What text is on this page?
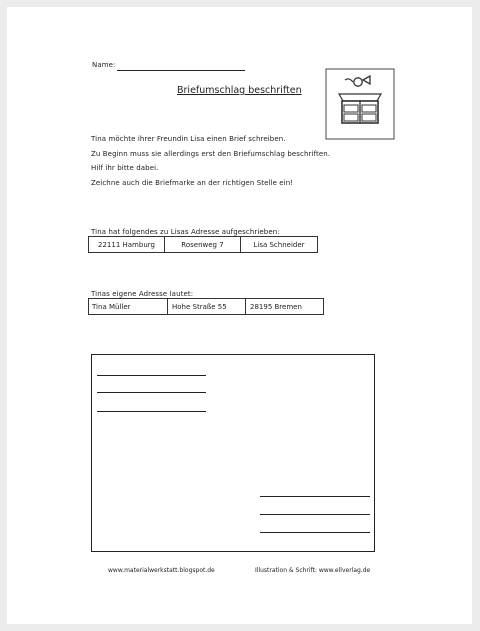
Name:
Briefumschlag beschriften
Tina möchte ihrer Freundin Lisa einen Brief schreiben.
Zu Beginn muss sie allerdings erst den Briefumschlag beschriften.
Hilf ihr bitte dabei.
Zeichne auch die Briefmarke an der richtigen Stelle ein!
Tina hat folgendes zu Lisas Adresse aufgeschrieben:
22111 Hamburg	Rosenweg 7	Lisa Schneider
Tinas eigene Adresse lautet:
Tina Müller	Hohe Straße 55	28195 Bremen
www.materialwerkstatt.blogspot.de	Illustration & Schrift: www.ellverlag.de
